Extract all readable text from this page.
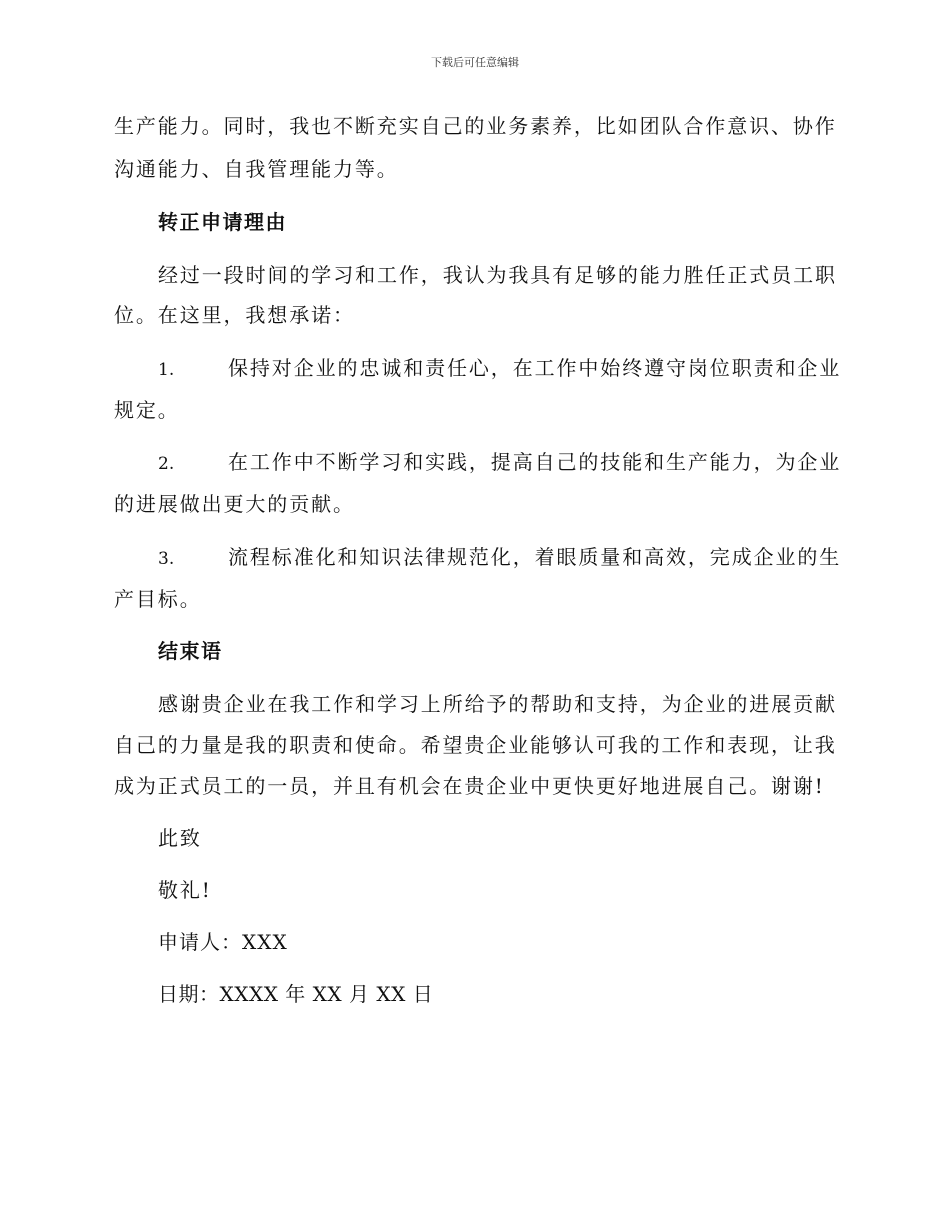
下载后可任意编辑
生产能力。同时，我也不断充实自己的业务素养，比如团队合作意识、协作
沟通能力、自我管理能力等。
转正申请理由
经过一段时间的学习和工作，我认为我具有足够的能力胜任正式员工职
位。在这里，我想承诺：
1.	保持对企业的忠诚和责任心，在工作中始终遵守岗位职责和企业
规定。
2.	在工作中不断学习和实践，提高自己的技能和生产能力，为企业
的进展做出更大的贡献。
3.	流程标准化和知识法律规范化，着眼质量和高效，完成企业的生
产目标。
结束语
感谢贵企业在我工作和学习上所给予的帮助和支持，为企业的进展贡献
自己的力量是我的职责和使命。希望贵企业能够认可我的工作和表现，让我
成为正式员工的一员，并且有机会在贵企业中更快更好地进展自己。谢谢!
此致
敬礼!
申请人：XXX
日期：XXXX 年 XX 月 XX 日
